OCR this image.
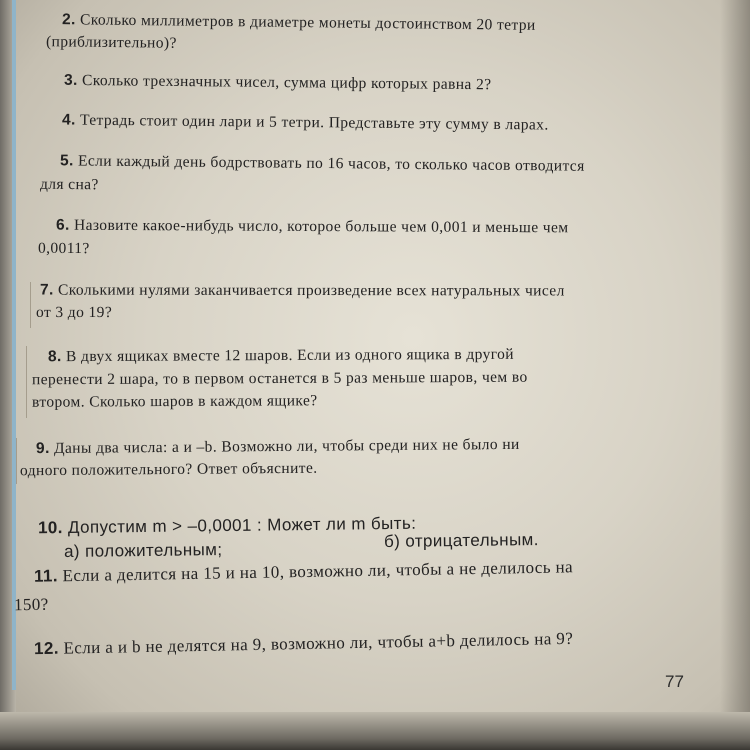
2. Сколько миллиметров в диаметре монеты достоинством 20 тетри
(приблизительно)?
3. Сколько трехзначных чисел, сумма цифр которых равна 2?
4. Тетрадь стоит один лари и 5 тетри. Представьте эту сумму в ларах.
5. Если каждый день бодрствовать по 16 часов, то сколько часов отводится
для сна?
6. Назовите какое-нибудь число, которое больше чем 0,001 и меньше чем
0,0011?
7. Сколькими нулями заканчивается произведение всех натуральных чисел
от 3 до 19?
8. В двух ящиках вместе 12 шаров. Если из одного ящика в другой
перенести 2 шара, то в первом останется в 5 раз меньше шаров, чем во
втором. Сколько шаров в каждом ящике?
9. Даны два числа: а и –b. Возможно ли, чтобы среди них не было ни
одного положительного? Ответ объясните.
10. Допустим m > –0,0001 : Может ли m быть:
а) положительным;	б) отрицательным.
11. Если а делится на 15 и на 10, возможно ли, чтобы а не делилось на
150?
12. Если а и b не делятся на 9, возможно ли, чтобы a+b делилось на 9?
77
